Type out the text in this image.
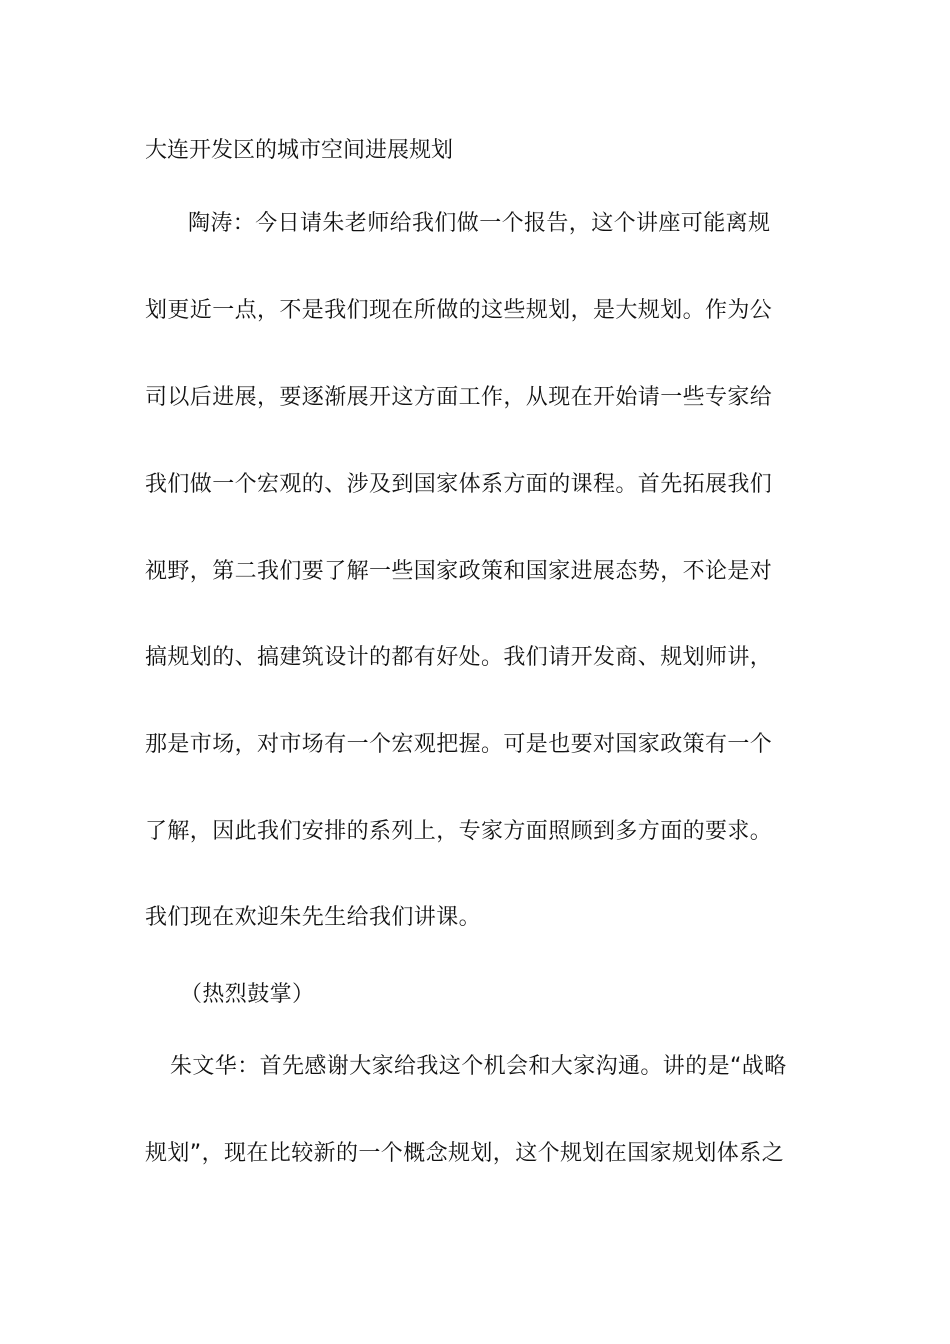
大连开发区的城市空间进展规划
陶涛：今日请朱老师给我们做一个报告，这个讲座可能离规
划更近一点，不是我们现在所做的这些规划，是大规划。作为公
司以后进展，要逐渐展开这方面工作，从现在开始请一些专家给
我们做一个宏观的、涉及到国家体系方面的课程。首先拓展我们
视野，第二我们要了解一些国家政策和国家进展态势，不论是对
搞规划的、搞建筑设计的都有好处。我们请开发商、规划师讲，
那是市场，对市场有一个宏观把握。可是也要对国家政策有一个
了解，因此我们安排的系列上，专家方面照顾到多方面的要求。
我们现在欢迎朱先生给我们讲课。
（热烈鼓掌）
朱文华：首先感谢大家给我这个机会和大家沟通。讲的是“战略
规划”，现在比较新的一个概念规划，这个规划在国家规划体系之
